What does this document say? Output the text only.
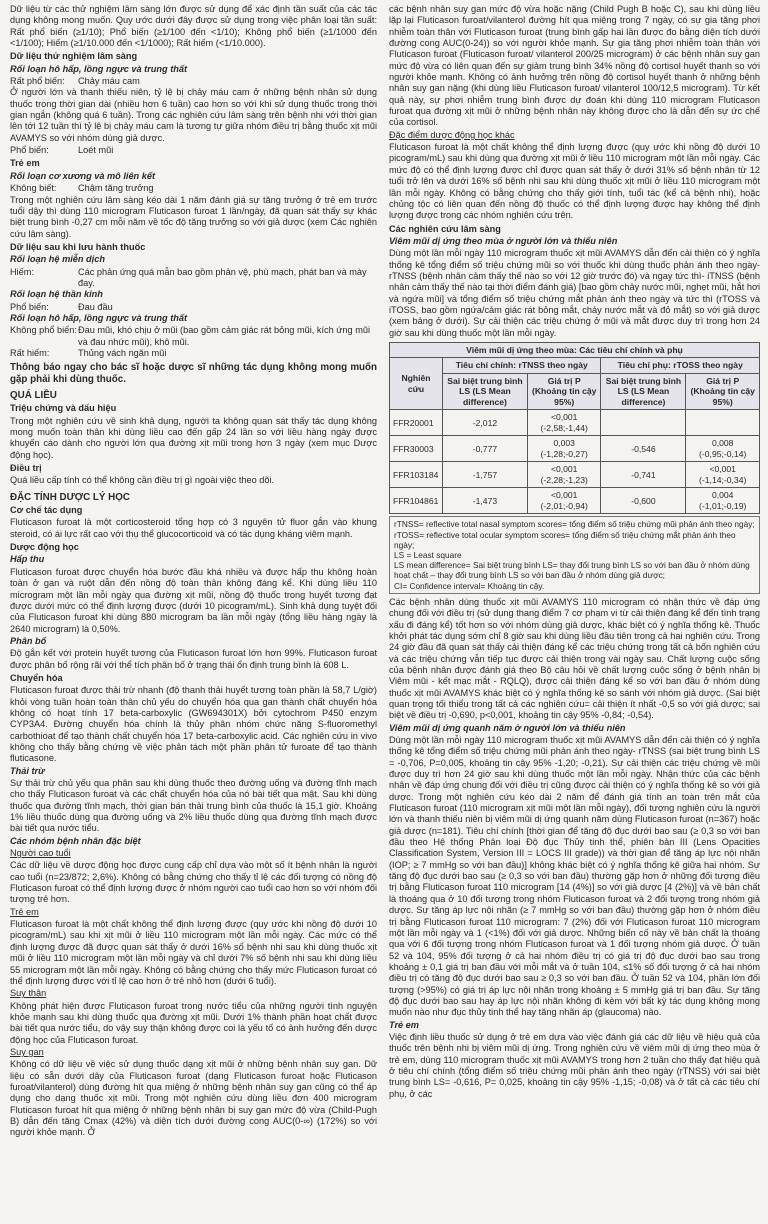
Dữ liệu từ các thử nghiệm lâm sàng lớn được sử dụng để xác định tần suất của các tác dụng không mong muốn. Quy ước dưới đây được sử dụng trong việc phân loại tần suất: Rất phổ biến (≥1/10); Phổ biến (≥1/100 đến <1/10); Không phổ biến (≥1/1000 đến <1/100); Hiếm (≥1/10.000 đến <1/1000); Rất hiếm (<1/10.000).

Dữ liệu thử nghiệm lâm sàng

Rối loạn hô hấp, lồng ngực và trung thất

Rất phổ biến:	Chảy máu cam

Ở người lớn và thanh thiếu niên, tỷ lệ bị chảy máu cam ở những bệnh nhân sử dụng thuốc trong thời gian dài (nhiều hơn 6 tuần) cao hơn so với khi sử dụng thuốc trong thời gian ngắn (không quá 6 tuần). Trong các nghiên cứu lâm sàng trên bệnh nhi với thời gian lên tới 12 tuần thì tỷ lệ bị chảy máu cam là tương tự giữa nhóm điều trị bằng thuốc xịt mũi AVAMYS so với nhóm dùng giả dược.

Phổ biến:	Loét mũi

Trẻ em

Rối loạn cơ xương và mô liên kết

Không biết:	Chậm tăng trưởng

Trong một nghiên cứu lâm sàng kéo dài 1 năm đánh giá sự tăng trưởng ở trẻ em trước tuổi dậy thì dùng 110 microgram Fluticason furoat 1 lần/ngày, đã quan sát thấy sự khác biệt trung bình -0,27 cm mỗi năm về tốc độ tăng trưởng so với giả dược (xem Các nghiên cứu lâm sàng).

Dữ liệu sau khi lưu hành thuốc

Rối loạn hệ miễn dịch

Hiếm:	Các phản ứng quá mẫn bao gồm phản vệ, phù mạch, phát ban và mày đay.

Rối loạn hệ thần kinh

Phổ biến:	Đau đầu

Rối loạn hô hấp, lồng ngực và trung thất

Không phổ biến: Đau mũi, khó chịu ở mũi (bao gồm cảm giác rát bỏng mũi, kích ứng mũi và đau nhức mũi), khô mũi.
Rất hiếm:	Thủng vách ngăn mũi

Thông báo ngay cho bác sĩ hoặc dược sĩ những tác dụng không mong muốn gặp phải khi dùng thuốc.

QUÁ LIỀU

Triệu chứng và dấu hiệu

Trong một nghiên cứu về sinh khả dụng, người ta không quan sát thấy tác dụng không mong muốn toàn thân khi dùng liều cao đến gấp 24 lần so với liều hàng ngày được khuyến cáo dành cho người lớn qua đường xịt mũi trong hơn 3 ngày (xem mục Dược động học).

Điều trị

Quá liều cấp tính có thể không cần điều trị gì ngoài việc theo dõi.

ĐẶC TÍNH DƯỢC LÝ HỌC

Cơ chế tác dụng

Fluticason furoat là một corticosteroid tổng hợp có 3 nguyên tử fluor gắn vào khung steroid, có ái lực rất cao với thụ thể glucocorticoid và có tác dụng kháng viêm mạnh.

Dược động học

Hấp thu

Fluticason furoat được chuyển hóa bước đầu khá nhiều và được hấp thu không hoàn toàn ở gan và ruột dẫn đến nồng độ toàn thân không đáng kể. Khi dùng liều 110 microgram một lần mỗi ngày qua đường xịt mũi, nồng độ thuốc trong huyết tương đạt được dưới mức có thể định lượng được (dưới 10 picogram/mL). Sinh khả dụng tuyệt đối của Fluticason furoat khi dùng 880 microgram ba lần mỗi ngày (tổng liều hàng ngày là 2640 microgram) là 0,50%.

Phân bố

Độ gắn kết với protein huyết tương của Fluticason furoat lớn hơn 99%. Fluticason furoat được phân bố rộng rãi với thể tích phân bố ở trạng thái ổn định trung bình là 608 L.

Chuyển hóa

Fluticason furoat được thải trừ nhanh (độ thanh thải huyết tương toàn phần là 58,7 L/giờ) khỏi vòng tuần hoàn toàn thân chủ yếu do chuyển hóa qua gan thành chất chuyển hóa không có hoạt tính 17 beta-carboxylic (GW694301X) bởi cytochrom P450 enzym CYP3A4. Đường chuyển hóa chính là thủy phân nhóm chức năng S-fluoromethyl carbothioat để tạo thành chất chuyển hóa 17 beta-carboxylic acid. Các nghiên cứu in vivo không cho thấy bằng chứng về việc phân tách một phần phân tử furoate để tạo thành fluticasone.

Thải trừ

Sự thải trừ chủ yếu qua phân sau khi dùng thuốc theo đường uống và đường tĩnh mạch cho thấy Fluticason furoat và các chất chuyển hóa của nó bài tiết qua mật. Sau khi dùng thuốc qua đường tĩnh mạch, thời gian bán thải trung bình của thuốc là 15,1 giờ. Khoảng 1% liều thuốc dùng qua đường uống và 2% liều thuốc dùng qua đường tĩnh mạch được bài tiết qua nước tiểu.

Các nhóm bệnh nhân đặc biệt

Người cao tuổi

Các dữ liệu về dược động học được cung cấp chỉ dựa vào một số ít bệnh nhân là người cao tuổi (n=23/872; 2,6%). Không có bằng chứng cho thấy tỉ lệ các đối tượng có nồng độ Fluticason furoat có thể định lượng được ở nhóm người cao tuổi cao hơn so với nhóm đối tượng trẻ hơn.

Trẻ em

Fluticason furoat là một chất không thể định lượng được (quy ước khi nồng độ dưới 10 picogram/mL) sau khi xịt mũi ở liều 110 microgram một lần mỗi ngày. Các mức có thể định lượng được đã được quan sát thấy ở dưới 16% số bệnh nhi sau khi dùng thuốc xịt mũi ở liều 110 microgram một lần mỗi ngày và chỉ dưới 7% số bệnh nhi sau khi dùng liều 55 microgram một lần mỗi ngày. Không có bằng chứng cho thấy mức Fluticason furoat có thể định lượng được với tỉ lệ cao hơn ở trẻ nhỏ hơn (dưới 6 tuổi).

Suy thận

Không phát hiện được Fluticason furoat trong nước tiểu của những người tình nguyện khỏe mạnh sau khi dùng thuốc qua đường xịt mũi. Dưới 1% thành phần hoạt chất được bài tiết qua nước tiểu, do vậy suy thận không được coi là yếu tố có ảnh hưởng đến dược động học của Fluticason furoat.

Suy gan

Không có dữ liệu về việc sử dụng thuốc dạng xịt mũi ở những bệnh nhân suy gan. Dữ liệu có sẵn dưới dây của Fluticason furoat (dạng Fluticason furoat hoặc Fluticason furoat/vilanterol) dùng đường hít qua miệng ở những bệnh nhân suy gan cũng có thể áp dụng cho dạng thuốc xịt mũi. Trong một nghiên cứu dùng liều đơn 400 microgram Fluticason furoat hít qua miệng ở những bệnh nhân bị suy gan mức độ vừa (Child-Pugh B) dẫn đến tăng Cmax (42%) và diện tích dưới đường cong AUC(0-∞) (172%) so với người khỏe mạnh. Ở

các bệnh nhân suy gan mức độ vừa hoặc nặng (Child Pugh B hoặc C), sau khi dùng liều lặp lại Fluticason furoat/vilanterol đường hít qua miệng trong 7 ngày, có sự gia tăng phơi nhiễm toàn thân với Fluticason furoat (trung bình gấp hai lần được đo bằng diện tích dưới đường cong AUC(0-24)) so với người khỏe mạnh. Sự gia tăng phơi nhiễm toàn thân với Fluticason furoat (Fluticason furoat/ vilanterol 200/25 microgram) ở các bệnh nhân suy gan mức độ vừa có liên quan đến sự giảm trung bình 34% nồng độ cortisol huyết thanh so với người khỏe mạnh. Không có ảnh hưởng trên nồng độ cortisol huyết thanh ở những bệnh nhân suy gan nặng (khi dùng liều Fluticason furoat/ vilanterol 100/12,5 microgram). Từ kết quả này, sự phơi nhiễm trung bình được dự đoán khi dùng 110 microgram Fluticason furoat qua đường xịt mũi ở những bệnh nhân này không được cho là dẫn đến sự ức chế của cortisol.

Đặc điểm dược động học khác

Fluticason furoat là một chất không thể định lượng được (quy ước khi nồng độ dưới 10 picogram/mL) sau khi dùng qua đường xịt mũi ở liều 110 microgram một lần mỗi ngày. Các mức độ có thể định lượng được chỉ được quan sát thấy ở dưới 31% số bệnh nhân từ 12 tuổi trở lên và dưới 16% số bệnh nhi sau khi dùng thuốc xịt mũi ở liều 110 microgram một lần mỗi ngày. Không có bằng chứng cho thấy giới tính, tuổi tác (kể cả bệnh nhi), hoặc chủng tộc có liên quan đến nồng độ thuốc có thể định lượng được hay không thể định lượng được trong các nhóm nghiên cứu trên.

Các nghiên cứu lâm sàng

Viêm mũi dị ứng theo mùa ở người lớn và thiếu niên

Dùng một lần mỗi ngày 110 microgram thuốc xịt mũi AVAMYS dẫn đến cải thiện có ý nghĩa thống kê tổng điểm số triệu chứng mũi so với thuốc khi dùng thuốc phản ánh theo ngày- rTNSS (bệnh nhân cảm thấy thế nào so với 12 giờ trước đó) và ngay tức thì- iTNSS (bệnh nhân cảm thấy thế nào tại thời điểm đánh giá) [bao gồm chảy nước mũi, nghẹt mũi, hắt hơi và ngứa mũi] và tổng điểm số triệu chứng mắt phản ánh theo ngày và tức thì (rTOSS và iTOSS, bao gồm ngứa/cảm giác rát bỏng mắt, chảy nước mắt và đỏ mắt) so với giả dược (xem bảng ở dưới). Sự cải thiện các triệu chứng ở mũi và mắt được duy trì trong hơn 24 giờ sau khi dùng thuốc một lần mỗi ngày.

Viêm mũi dị ứng theo mùa: Các tiêu chí chính và phụ				
Nghiên cứu	Tiêu chí chính: rTNSS theo ngày		Tiêu chí phụ: rTOSS theo ngày	
	Sai biệt trung bình LS (LS Mean difference)	Giá trị P (Khoảng tin cậy 95%)	Sai biệt trung bình LS (LS Mean difference)	Giá trị P (Khoảng tin cậy 95%)
FFR20001	-2,012	<0,001 (-2,58;-1,44)		
FFR30003	-0,777	0,003 (-1,28;-0,27)	-0,546	0,008 (-0,95;-0,14)
FFR103184	-1,757	<0,001 (-2,28;-1,23)	-0,741	<0,001 (-1,14;-0,34)
FFR104861	-1,473	<0,001 (-2,01;-0,94)	-0,600	0,004 (-1,01;-0,19)
rTNSS= reflective total nasal symptom scores= tổng điểm số triệu chứng mũi phản ánh theo ngày;
rTOSS= reflective total ocular symptom scores= tổng điểm số triệu chứng mắt phản ánh theo ngày;
LS = Least square
LS mean difference= Sai biệt trung bình LS= thay đổi trung bình LS so với ban đầu ở nhóm dùng hoạt chất – thay đổi trung bình LS so với ban đầu ở nhóm dùng giả dược;
CI= Confidence interval= Khoảng tin cậy.

Các bệnh nhân dùng thuốc xịt mũi AVAMYS 110 microgram có nhận thức về đáp ứng chung đối với điều trị (sử dụng thang điểm 7 cơ phạm vi từ cải thiện đáng kể đến tình trạng xấu đi đáng kể) tốt hơn so với nhóm dùng giả dược, khác biệt có ý nghĩa thống kê. Thuốc khởi phát tác dụng sớm chỉ 8 giờ sau khi dùng liều đầu tiên trong cả hai nghiên cứu. Trong 24 giờ đầu đã quan sát thấy cải thiện đáng kể các triệu chứng trong tất cả bốn nghiên cứu và các triệu chứng vẫn tiếp tục được cải thiện trong vài ngày sau. Chất lượng cuộc sống của bệnh nhân được đánh giá theo Bộ câu hỏi về chất lượng cuộc sống ở bệnh nhân bị Viêm mũi - kết mạc mắt - RQLQ), được cải thiện đáng kể so với ban đầu ở nhóm dùng thuốc xịt mũi AVAMYS khác biệt có ý nghĩa thống kê so sánh với nhóm giả dược. (Sai biệt quan trọng tối thiểu trong tất cả các nghiên cứu= cải thiện ít nhất -0,5 so với giả dược; sai biệt về điều trị -0,690, p<0,001, khoảng tin cậy 95% -0,84; -0,54).

Viêm mũi dị ứng quanh năm ở người lớn và thiếu niên

Dùng một lần mỗi ngày 110 microgram thuốc xịt mũi AVAMYS dẫn đến cải thiện có ý nghĩa thống kê tổng điểm số triệu chứng mũi phản ánh theo ngày- rTNSS (sai biệt trung bình LS = -0,706, P=0,005, khoảng tin cậy 95% -1,20; -0,21). Sự cải thiện các triệu chứng về mũi được duy trì hơn 24 giờ sau khi dùng thuốc một lần mỗi ngày. Nhận thức của các bệnh nhân về đáp ứng chung đối với điều trị cũng được cải thiện có ý nghĩa thống kê so với giả dược. Trong một nghiên cứu kéo dài 2 năm để đánh giá tính an toàn trên mắt của Fluticason furoat (110 microgram xịt mũi một lần mỗi ngày), đối tượng nghiên cứu là người lớn và thanh thiếu niên bị viêm mũi dị ứng quanh năm dùng Fluticason furoat (n=367) hoặc giả dược (n=181). Tiêu chí chính [thời gian để tăng độ đục dưới bao sau (≥ 0,3 so với ban đầu theo Hệ thống Phân loại Độ đục Thủy tinh thể, phiên bản III (Lens Opacities Classification System, Version III = LOCS III grade)) và thời gian để tăng áp lực nội nhãn (IOP; ≥ 7 mmHg so với ban đầu)] không khác biệt có ý nghĩa thống kê giữa hai nhóm. Sự tăng độ đục dưới bao sau (≥ 0,3 so với ban đầu) thường gặp hơn ở những đối tượng điều trị bằng Fluticason furoat 110 microgram [14 (4%)] so với giả dược [4 (2%)] và về bản chất là thoáng qua ở 10 đối tượng trong nhóm Fluticason furoat và 2 đối tượng trong nhóm giả dược. Sự tăng áp lực nội nhãn (≥ 7 mmHg so với ban đầu) thường gặp hơn ở nhóm điều trị bằng Fluticason furoat 110 microgram: 7 (2%) đối với Fluticason furoat 110 microgram một lần mỗi ngày và 1 (<1%) đối với giả dược. Những biến cố này về bản chất là thoáng qua với 6 đối tượng trong nhóm Fluticason furoat và 1 đối tượng nhóm giả dược. Ở tuần 52 và 104, 95% đối tượng ở cả hai nhóm điều trị có giá trị độ đục dưới bao sau trong khoảng ± 0,1 giá trị ban đầu với mỗi mắt và ở tuần 104, ≤1% số đối tượng ở cả hai nhóm điều trị có tăng độ đục dưới bao sau ≥ 0,3 so với ban đầu. Ở tuần 52 và 104, phần lớn đối tượng (>95%) có giá trị áp lực nội nhãn trong khoảng ± 5 mmHg giá trị ban đầu. Sự tăng độ đục dưới bao sau hay áp lực nội nhãn không đi kèm với bất kỳ tác dụng không mong muốn nào như đục thủy tinh thể hay tăng nhãn áp (glaucoma) nào.

Trẻ em

Việc định liều thuốc sử dụng ở trẻ em dựa vào việc đánh giá các dữ liệu về hiệu quả của thuốc trên bệnh nhi bị viêm mũi dị ứng. Trong nghiên cứu về viêm mũi dị ứng theo mùa ở trẻ em, dùng 110 microgram thuốc xịt mũi AVAMYS trong hơn 2 tuần cho thấy đạt hiệu quả ở tiêu chí chính (tổng điểm số triệu chứng mũi phản ánh theo ngày (rTNSS) với sai biệt trung bình LS= -0,616, P= 0,025, khoảng tin cậy 95% -1,15; -0,08) và ở tất cả các tiêu chí phụ, ở các
